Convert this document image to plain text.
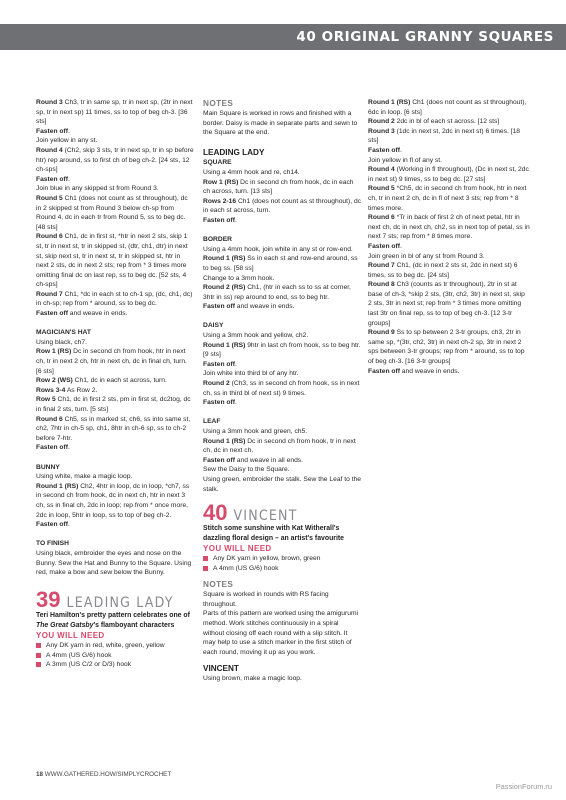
40 ORIGINAL GRANNY SQUARES

Round 3 Ch3, tr in same sp, tr in next sp, (2tr in next sp, tr in next sp) 11 times, ss to top of beg ch-3. [36 sts]

Fasten off.

Join yellow in any st.

Round 4 (Ch2, skip 3 sts, tr in next sp, tr in sp before htr) rep around, ss to first ch of beg ch-2. [24 sts, 12 ch-sps]

Fasten off.

Join blue in any skipped st from Round 3.

Round 5 Ch1 (does not count as st throughout), dc in 2 skipped st from Round 3 below ch-sp from Round 4, dc in each tr from Round 5, ss to beg dc. [48 sts]

Round 6 Ch1, dc in first st, *htr in next 2 sts, skip 1 st, tr in next st, tr in skipped st, (dtr, ch1, dtr) in next st, skip next st, tr in next st, tr in skipped st, htr in next 2 sts, dc in next 2 sts; rep from * 3 times more omitting final dc on last rep, ss to beg dc. [52 sts, 4 ch-sps]

Round 7 Ch1, *dc in each st to ch-1 sp, (dc, ch1, dc) in ch-sp; rep from * around, ss to beg dc.

Fasten off and weave in ends.

MAGICIAN'S HAT

Using black, ch7.

Row 1 (RS) Dc in second ch from hook, htr in next ch, tr in next 2 ch, htr in next ch, dc in final ch, turn. [6 sts]

Row 2 (WS) Ch1, dc in each st across, turn.

Rows 3-4 As Row 2.

Row 5 Ch1, dc in first 2 sts, pm in first st, dc2tog, dc in final 2 sts, turn. [5 sts]

Round 6 Ch5, ss in marked st, ch6, ss into same st, ch2, 7htr in ch-5 sp, ch1, 8htr in ch-6 sp, ss to ch-2 before 7-htr.

Fasten off.

BUNNY

Using white, make a magic loop.

Round 1 (RS) Ch2, 4htr in loop, dc in loop, *ch7, ss in second ch from hook, dc in next ch, htr in next 3 ch, ss in final ch, 2dc in loop; rep from * once more, 2dc in loop, 5htr in loop, ss to top of beg ch-2.

Fasten off.

TO FINISH

Using black, embroider the eyes and nose on the Bunny. Sew the Hat and Bunny to the Square. Using red, make a bow and sew below the Bunny.

39 LEADING LADY

Teri Hamilton's pretty pattern celebrates one of The Great Gatsby's flamboyant characters

YOU WILL NEED

Any DK yarn in red, white, green, yellow
A 4mm (US G/6) hook
A 3mm (US C/2 or D/3) hook

NOTES

Main Square is worked in rows and finished with a border. Daisy is made in separate parts and sewn to the Square at the end.

LEADING LADY

SQUARE

Using a 4mm hook and re, ch14.

Row 1 (RS) Dc in second ch from hook, dc in each ch across, turn. [13 sts]

Rows 2-16 Ch1 (does not count as st throughout), dc in each st across, turn.

Fasten off.

BORDER

Using a 4mm hook, join white in any st or row-end.

Round 1 (RS) Ss in each st and row-end around, ss to beg ss. [58 ss]

Change to a 3mm hook.

Round 2 (RS) Ch1, (htr in each ss to ss at corner, 3htr in ss) rep around to end, ss to beg htr.

Fasten off and weave in ends.

DAISY

Using a 3mm hook and yellow, ch2.

Round 1 (RS) 9htr in last ch from hook, ss to beg htr. [9 sts]

Fasten off.

Join white into third bl of any htr.

Round 2 (Ch3, ss in second ch from hook, ss in next ch, ss in third bl of next st) 9 times.

Fasten off.

LEAF

Using a 3mm hook and green, ch5.

Round 1 (RS) Dc in second ch from hook, tr in next ch, dc in next ch.

Fasten off and weave in all ends.

Sew the Daisy to the Square.

Using green, embroider the stalk. Sew the Leaf to the stalk.

40 VINCENT

Stitch some sunshine with Kat Witherall's dazzling floral design – an artist's favourite

YOU WILL NEED

Any DK yarn in yellow, brown, green
A 4mm (US G/6) hook

NOTES

Square is worked in rounds with RS facing throughout.

Parts of this pattern are worked using the amigurumi method. Work stitches continuously in a spiral without closing off each round with a slip stitch. It may help to use a stitch marker in the first stitch of each round, moving it up as you work.

VINCENT

Using brown, make a magic loop.

Round 1 (RS) Ch1 (does not count as st throughout), 6dc in loop. [6 sts]

Round 2 2dc in bl of each st across. [12 sts]

Round 3 (1dc in next st, 2dc in next st) 6 times. [18 sts]

Fasten off.

Join yellow in fl of any st.

Round 4 (Working in fl throughout), (Dc in next st, 2dc in next st) 9 times, ss to beg dc. [27 sts]

Round 5 *Ch5, dc in second ch from hook, htr in next ch, tr in next 2 ch, dc in fl of next 3 sts; rep from * 8 times more.

Round 6 *Tr in back of first 2 ch of next petal, htr in next ch, dc in next ch, ch2, ss in next top of petal, ss in next 7 sts; rep from * 8 times more.

Fasten off.

Join green in bl of any st from Round 3.

Round 7 Ch1, (dc in next 2 sts st, 2dc in next st) 6 times, ss to beg dc. [24 sts]

Round 8 Ch3 (counts as tr throughout), 2tr in st at base of ch-3, *skip 2 sts, (3tr, ch2, 3tr) in next st, skip 2 sts, 3tr in next st; rep from * 3 times more omitting last 3tr on final rep, ss to top of beg ch-3. [12 3-tr groups]

Round 9 Ss to sp between 2 3-tr groups, ch3, 2tr in same sp, *(3tr, ch2, 3tr) in next ch-2 sp, 3tr in next 2 sps between 3-tr groups; rep from * around, ss to top of beg ch-3. [16 3-tr groups]

Fasten off and weave in ends.

18 WWW.GATHERED.HOW/SIMPLYCROCHET
PassionForum.ru
